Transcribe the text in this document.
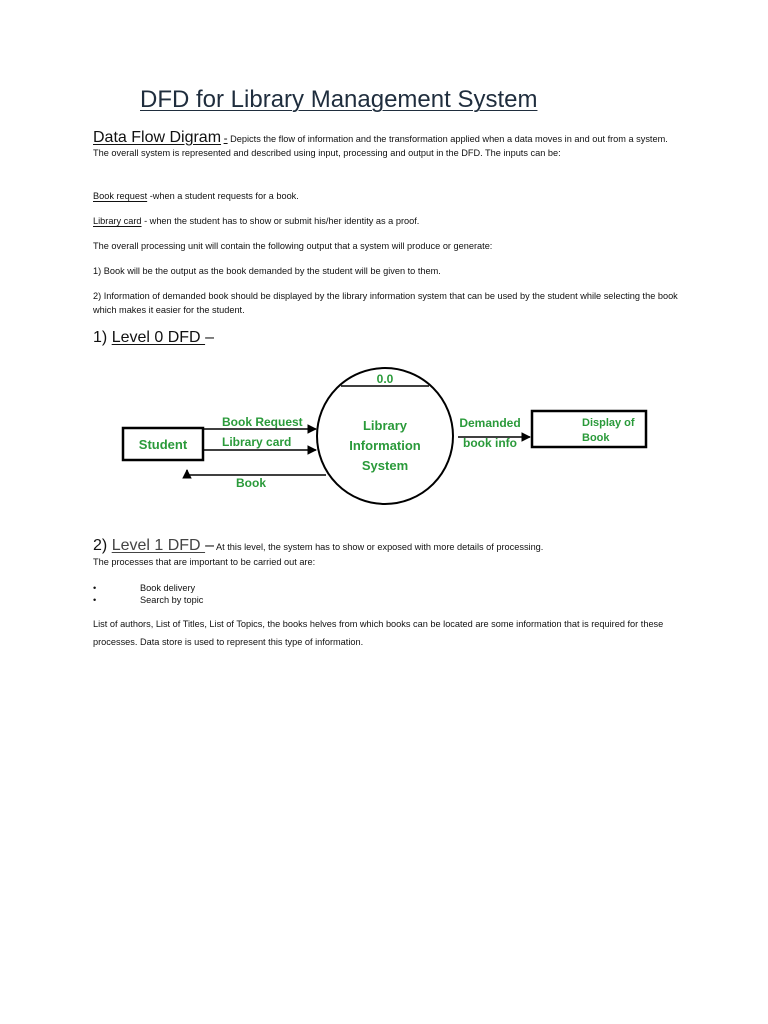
DFD for Library Management System
Data Flow Digram - Depicts the flow of information and the transformation applied when a data moves in and out from a system. The overall system is represented and described using input, processing and output in the DFD. The inputs can be:
Book request -when a student requests for a book.
Library card - when the student has to show or submit his/her identity as a proof.
The overall processing unit will contain the following output that a system will produce or generate:
1) Book will be the output as the book demanded by the student will be given to them.
2) Information of demanded book should be displayed by the library information system that can be used by the student while selecting the book which makes it easier for the student.
1) Level 0 DFD –
0.0
Library
Information
System
Student
Book Request
Library card
Book
Demanded
book info
Display of
Book
2) Level 1 DFD – At this level, the system has to show or exposed with more details of processing.
The processes that are important to be carried out are:
•	Book delivery
•	Search by topic
List of authors, List of Titles, List of Topics, the books helves from which books can be located are some information that is required for these processes. Data store is used to represent this type of information.
